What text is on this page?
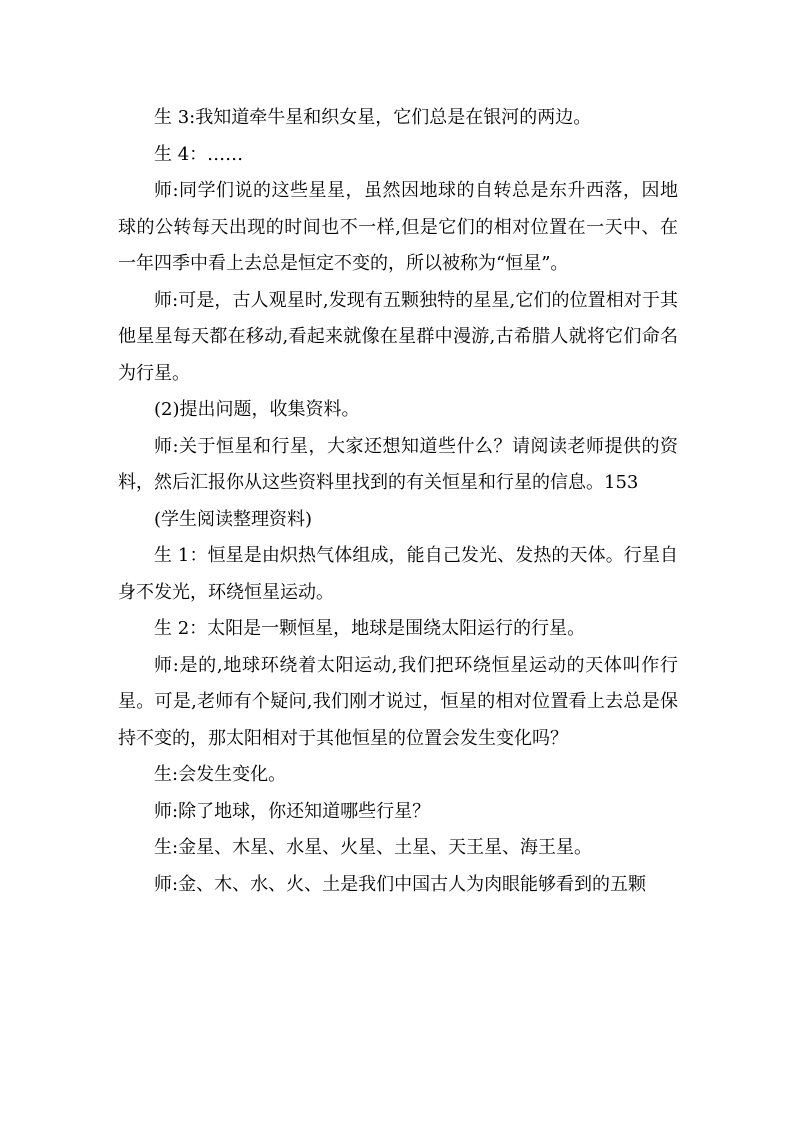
生 3:我知道牵牛星和织女星，它们总是在银河的两边。

生 4：……

师:同学们说的这些星星，虽然因地球的自转总是东升西落，因地球的公转每天出现的时间也不一样,但是它们的相对位置在一天中、在一年四季中看上去总是恒定不变的，所以被称为“恒星”。

师:可是，古人观星时,发现有五颗独特的星星,它们的位置相对于其他星星每天都在移动,看起来就像在星群中漫游,古希腊人就将它们命名为行星。

(2)提出问题，收集资料。

师:关于恒星和行星，大家还想知道些什么？请阅读老师提供的资料，然后汇报你从这些资料里找到的有关恒星和行星的信息。153

(学生阅读整理资料)

生 1：恒星是由炽热气体组成，能自己发光、发热的天体。行星自身不发光，环绕恒星运动。

生 2：太阳是一颗恒星，地球是围绕太阳运行的行星。

师:是的,地球环绕着太阳运动,我们把环绕恒星运动的天体叫作行星。可是,老师有个疑问,我们刚才说过，恒星的相对位置看上去总是保持不变的，那太阳相对于其他恒星的位置会发生变化吗？

生:会发生变化。

师:除了地球，你还知道哪些行星？

生:金星、木星、水星、火星、土星、天王星、海王星。

师:金、木、水、火、土是我们中国古人为肉眼能够看到的五颗
